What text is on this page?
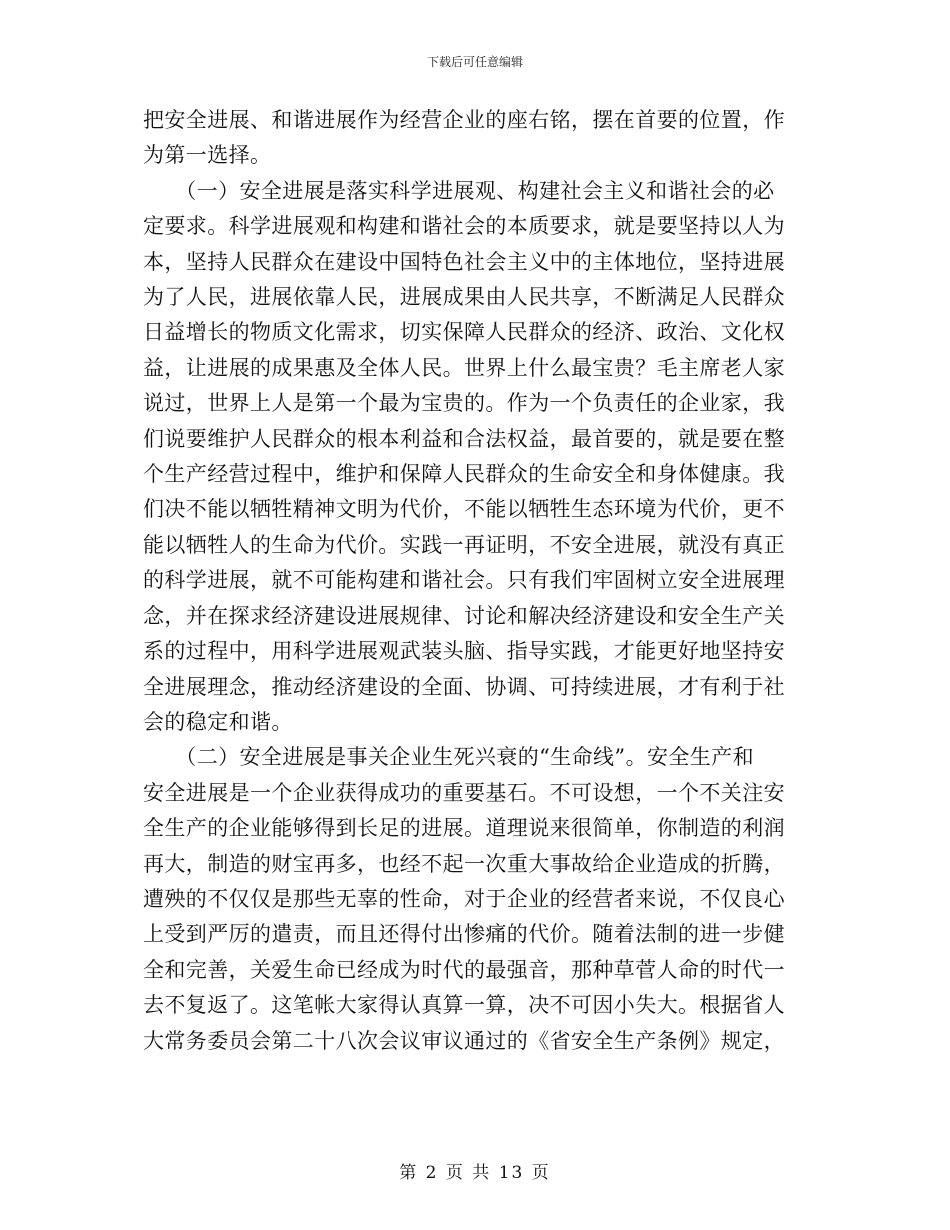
下载后可任意编辑

把安全进展、和谐进展作为经营企业的座右铭，摆在首要的位置，作
为第一选择。

　　（一）安全进展是落实科学进展观、构建社会主义和谐社会的必
定要求。科学进展观和构建和谐社会的本质要求，就是要坚持以人为
本，坚持人民群众在建设中国特色社会主义中的主体地位，坚持进展
为了人民，进展依靠人民，进展成果由人民共享，不断满足人民群众
日益增长的物质文化需求，切实保障人民群众的经济、政治、文化权
益，让进展的成果惠及全体人民。世界上什么最宝贵？毛主席老人家
说过，世界上人是第一个最为宝贵的。作为一个负责任的企业家，我
们说要维护人民群众的根本利益和合法权益，最首要的，就是要在整
个生产经营过程中，维护和保障人民群众的生命安全和身体健康。我
们决不能以牺牲精神文明为代价，不能以牺牲生态环境为代价，更不
能以牺牲人的生命为代价。实践一再证明，不安全进展，就没有真正
的科学进展，就不可能构建和谐社会。只有我们牢固树立安全进展理
念，并在探求经济建设进展规律、讨论和解决经济建设和安全生产关
系的过程中，用科学进展观武装头脑、指导实践，才能更好地坚持安
全进展理念，推动经济建设的全面、协调、可持续进展，才有利于社
会的稳定和谐。

　　（二）安全进展是事关企业生死兴衰的“生命线”。安全生产和
安全进展是一个企业获得成功的重要基石。不可设想，一个不关注安
全生产的企业能够得到长足的进展。道理说来很简单，你制造的利润
再大，制造的财宝再多，也经不起一次重大事故给企业造成的折腾，
遭殃的不仅仅是那些无辜的性命，对于企业的经营者来说，不仅良心
上受到严厉的遣责，而且还得付出惨痛的代价。随着法制的进一步健
全和完善，关爱生命已经成为时代的最强音，那种草菅人命的时代一
去不复返了。这笔帐大家得认真算一算，决不可因小失大。根据省人
大常务委员会第二十八次会议审议通过的《省安全生产条例》规定，

第 2 页 共 13 页
